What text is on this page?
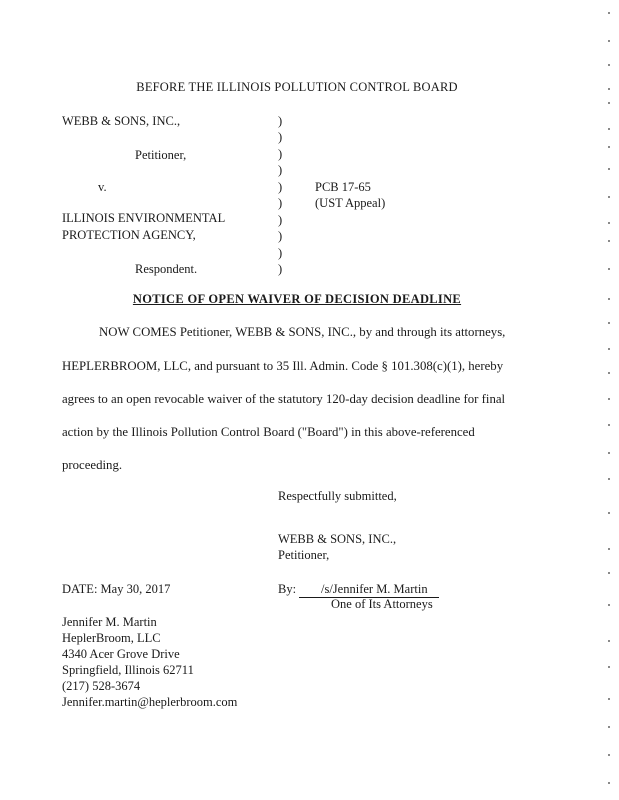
BEFORE THE ILLINOIS POLLUTION CONTROL BOARD
WEBB & SONS, INC.,
Petitioner,
v.
ILLINOIS ENVIRONMENTAL
PROTECTION AGENCY,
Respondent.
)
)
)
)
)
)
)
)
)
)
PCB 17-65
(UST Appeal)
NOTICE OF OPEN WAIVER OF DECISION DEADLINE
NOW COMES Petitioner, WEBB & SONS, INC., by and through its attorneys,
HEPLERBROOM, LLC, and pursuant to 35 Ill. Admin. Code § 101.308(c)(1), hereby
agrees to an open revocable waiver of the statutory 120-day decision deadline for final
action by the Illinois Pollution Control Board ("Board") in this above-referenced
proceeding.
Respectfully submitted,
WEBB & SONS, INC.,
Petitioner,
DATE: May 30, 2017	By:	/s/Jennifer M. Martin
One of Its Attorneys
Jennifer M. Martin
HeplerBroom, LLC
4340 Acer Grove Drive
Springfield, Illinois 62711
(217) 528-3674
Jennifer.martin@heplerbroom.com
